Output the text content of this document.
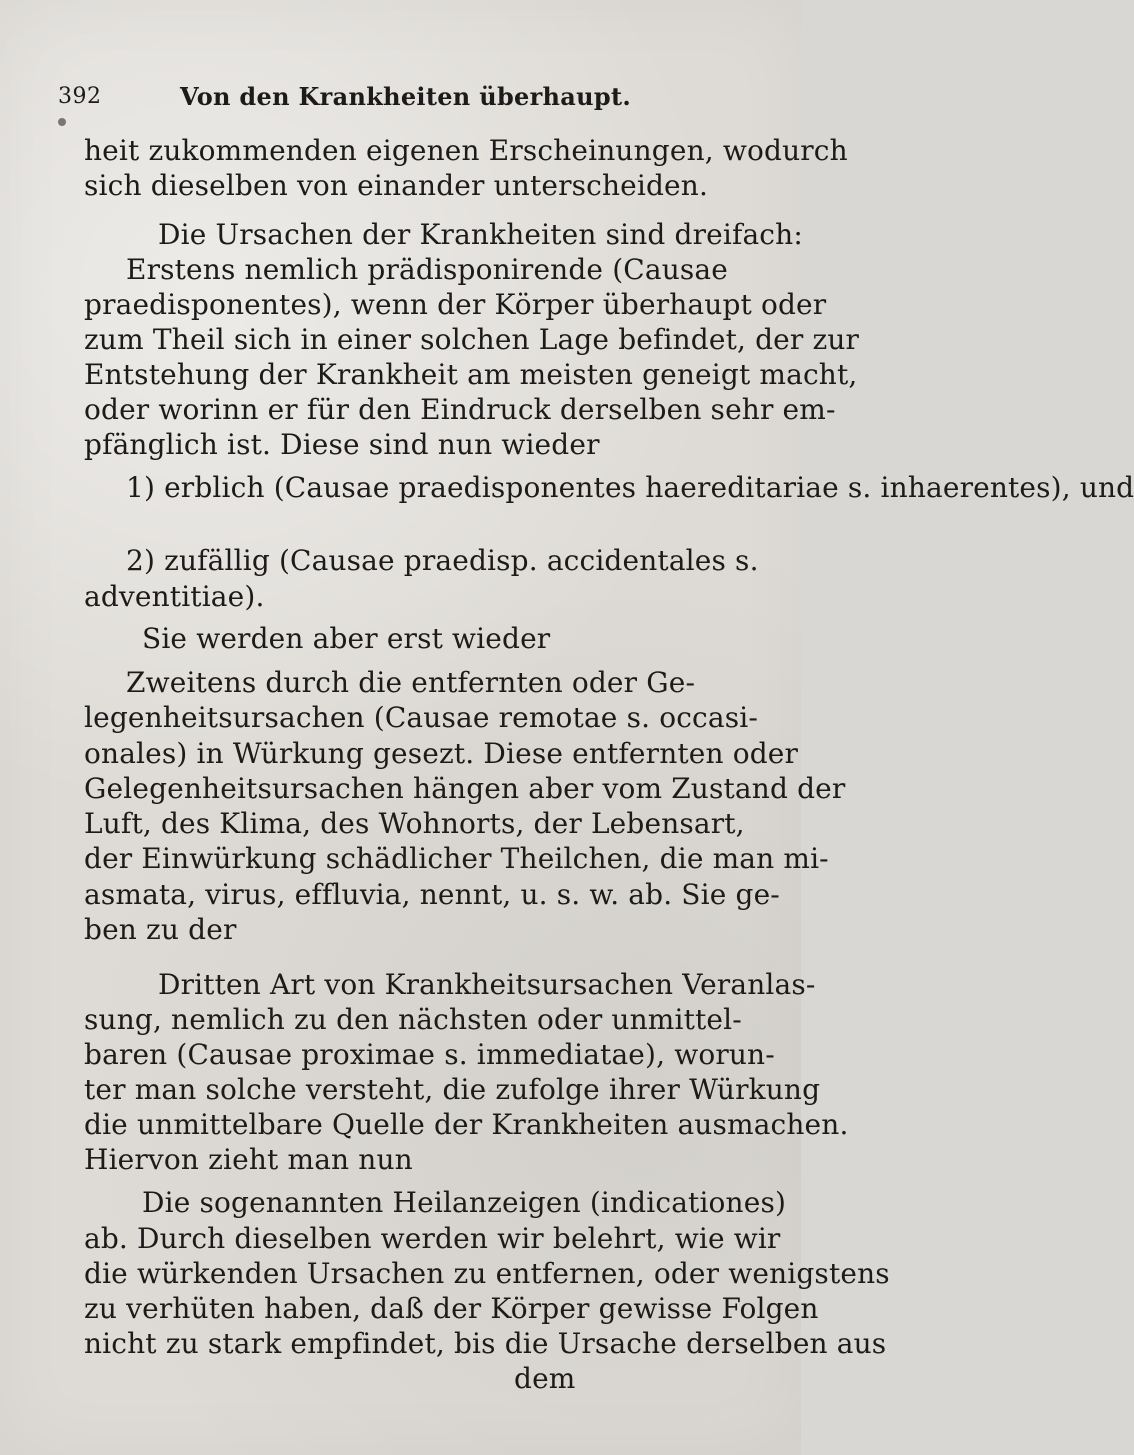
392	Von den Krankheiten überhaupt.
heit zukommenden eigenen Erscheinungen, wodurch
sich dieselben von einander unterscheiden.
Die Ursachen der Krankheiten sind dreifach:
Erstens nemlich prädisponirende (Causae
praedisponentes), wenn der Körper überhaupt oder
zum Theil sich in einer solchen Lage befindet, der zur
Entstehung der Krankheit am meisten geneigt macht,
oder worinn er für den Eindruck derselben sehr em-
pfänglich ist. Diese sind nun wieder
1) erblich (Causae praedisponentes haereditariae s. inhaerentes), und
2) zufällig (Causae praedisp. accidentales s.
adventitiae).
Sie werden aber erst wieder
Zweitens durch die entfernten oder Ge-
legenheitsursachen (Causae remotae s. occasi-
onales) in Würkung gesezt. Diese entfernten oder
Gelegenheitsursachen hängen aber vom Zustand der
Luft, des Klima, des Wohnorts, der Lebensart,
der Einwürkung schädlicher Theilchen, die man mi-
asmata, virus, effluvia, nennt, u. s. w. ab. Sie ge-
ben zu der
Dritten Art von Krankheitsursachen Veranlas-
sung, nemlich zu den nächsten oder unmittel-
baren (Causae proximae s. immediatae), worun-
ter man solche versteht, die zufolge ihrer Würkung
die unmittelbare Quelle der Krankheiten ausmachen.
Hiervon zieht man nun
Die sogenannten Heilanzeigen (indicationes)
ab. Durch dieselben werden wir belehrt, wie wir
die würkenden Ursachen zu entfernen, oder wenigstens
zu verhüten haben, daß der Körper gewisse Folgen
nicht zu stark empfindet, bis die Ursache derselben aus
dem
